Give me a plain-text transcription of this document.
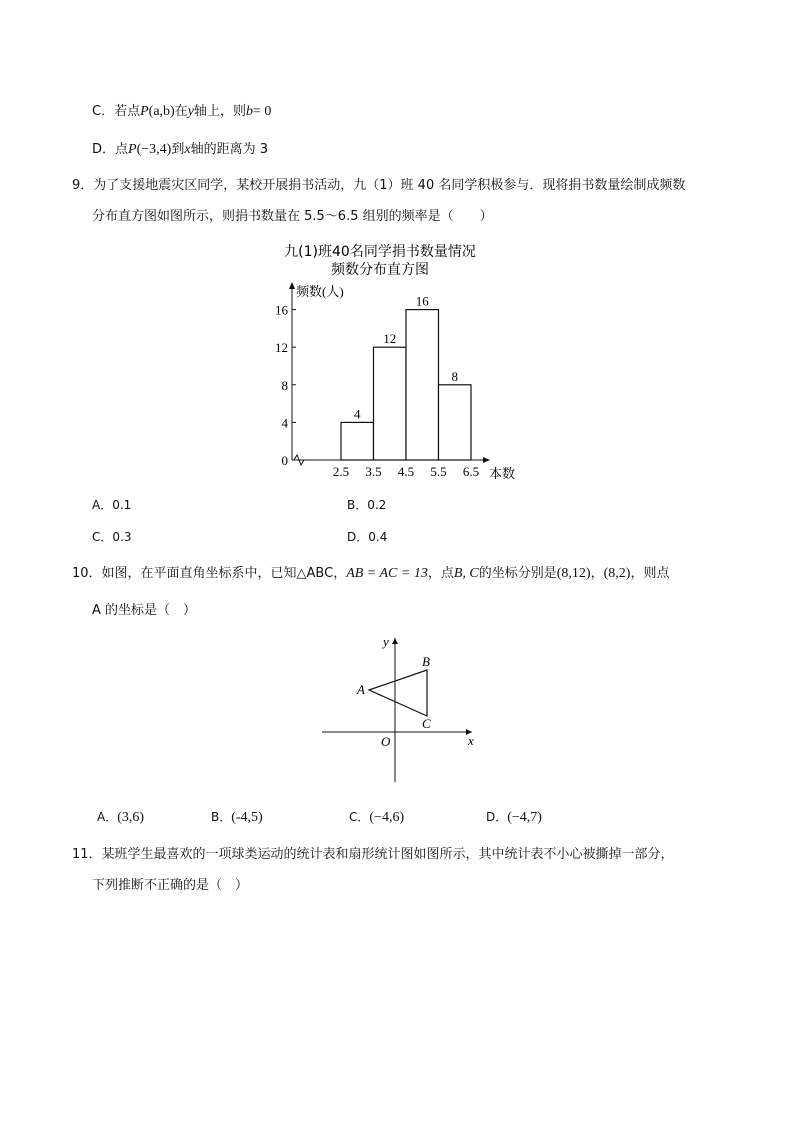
C．若点P(a,b)在y轴上，则b= 0
D．点P(−3,4)到x轴的距离为 3
9．为了支援地震灾区同学，某校开展捐书活动，九（1）班 40 名同学积极参与．现将捐书数量绘制成频数
分布直方图如图所示，则捐书数量在 5.5～6.5 组别的频率是（　　）
九(1)班40名同学捐书数量情况
频数分布直方图
0
4
8
12
16
频数(人)
本数
4
12
16
8
2.5 3.5 4.5 5.5 6.5
A．0.1	B．0.2
C．0.3	D．0.4
10．如图，在平面直角坐标系中，已知△ABC，AB = AC = 13，点B, C的坐标分别是(8,12)，(8,2)，则点
A 的坐标是（　）
y
x
O
A
B
C
A．(3,6)	B．(-4,5)	C．(−4,6)	D．(−4,7)
11．某班学生最喜欢的一项球类运动的统计表和扇形统计图如图所示，其中统计表不小心被撕掉一部分，
下列推断不正确的是（　）
